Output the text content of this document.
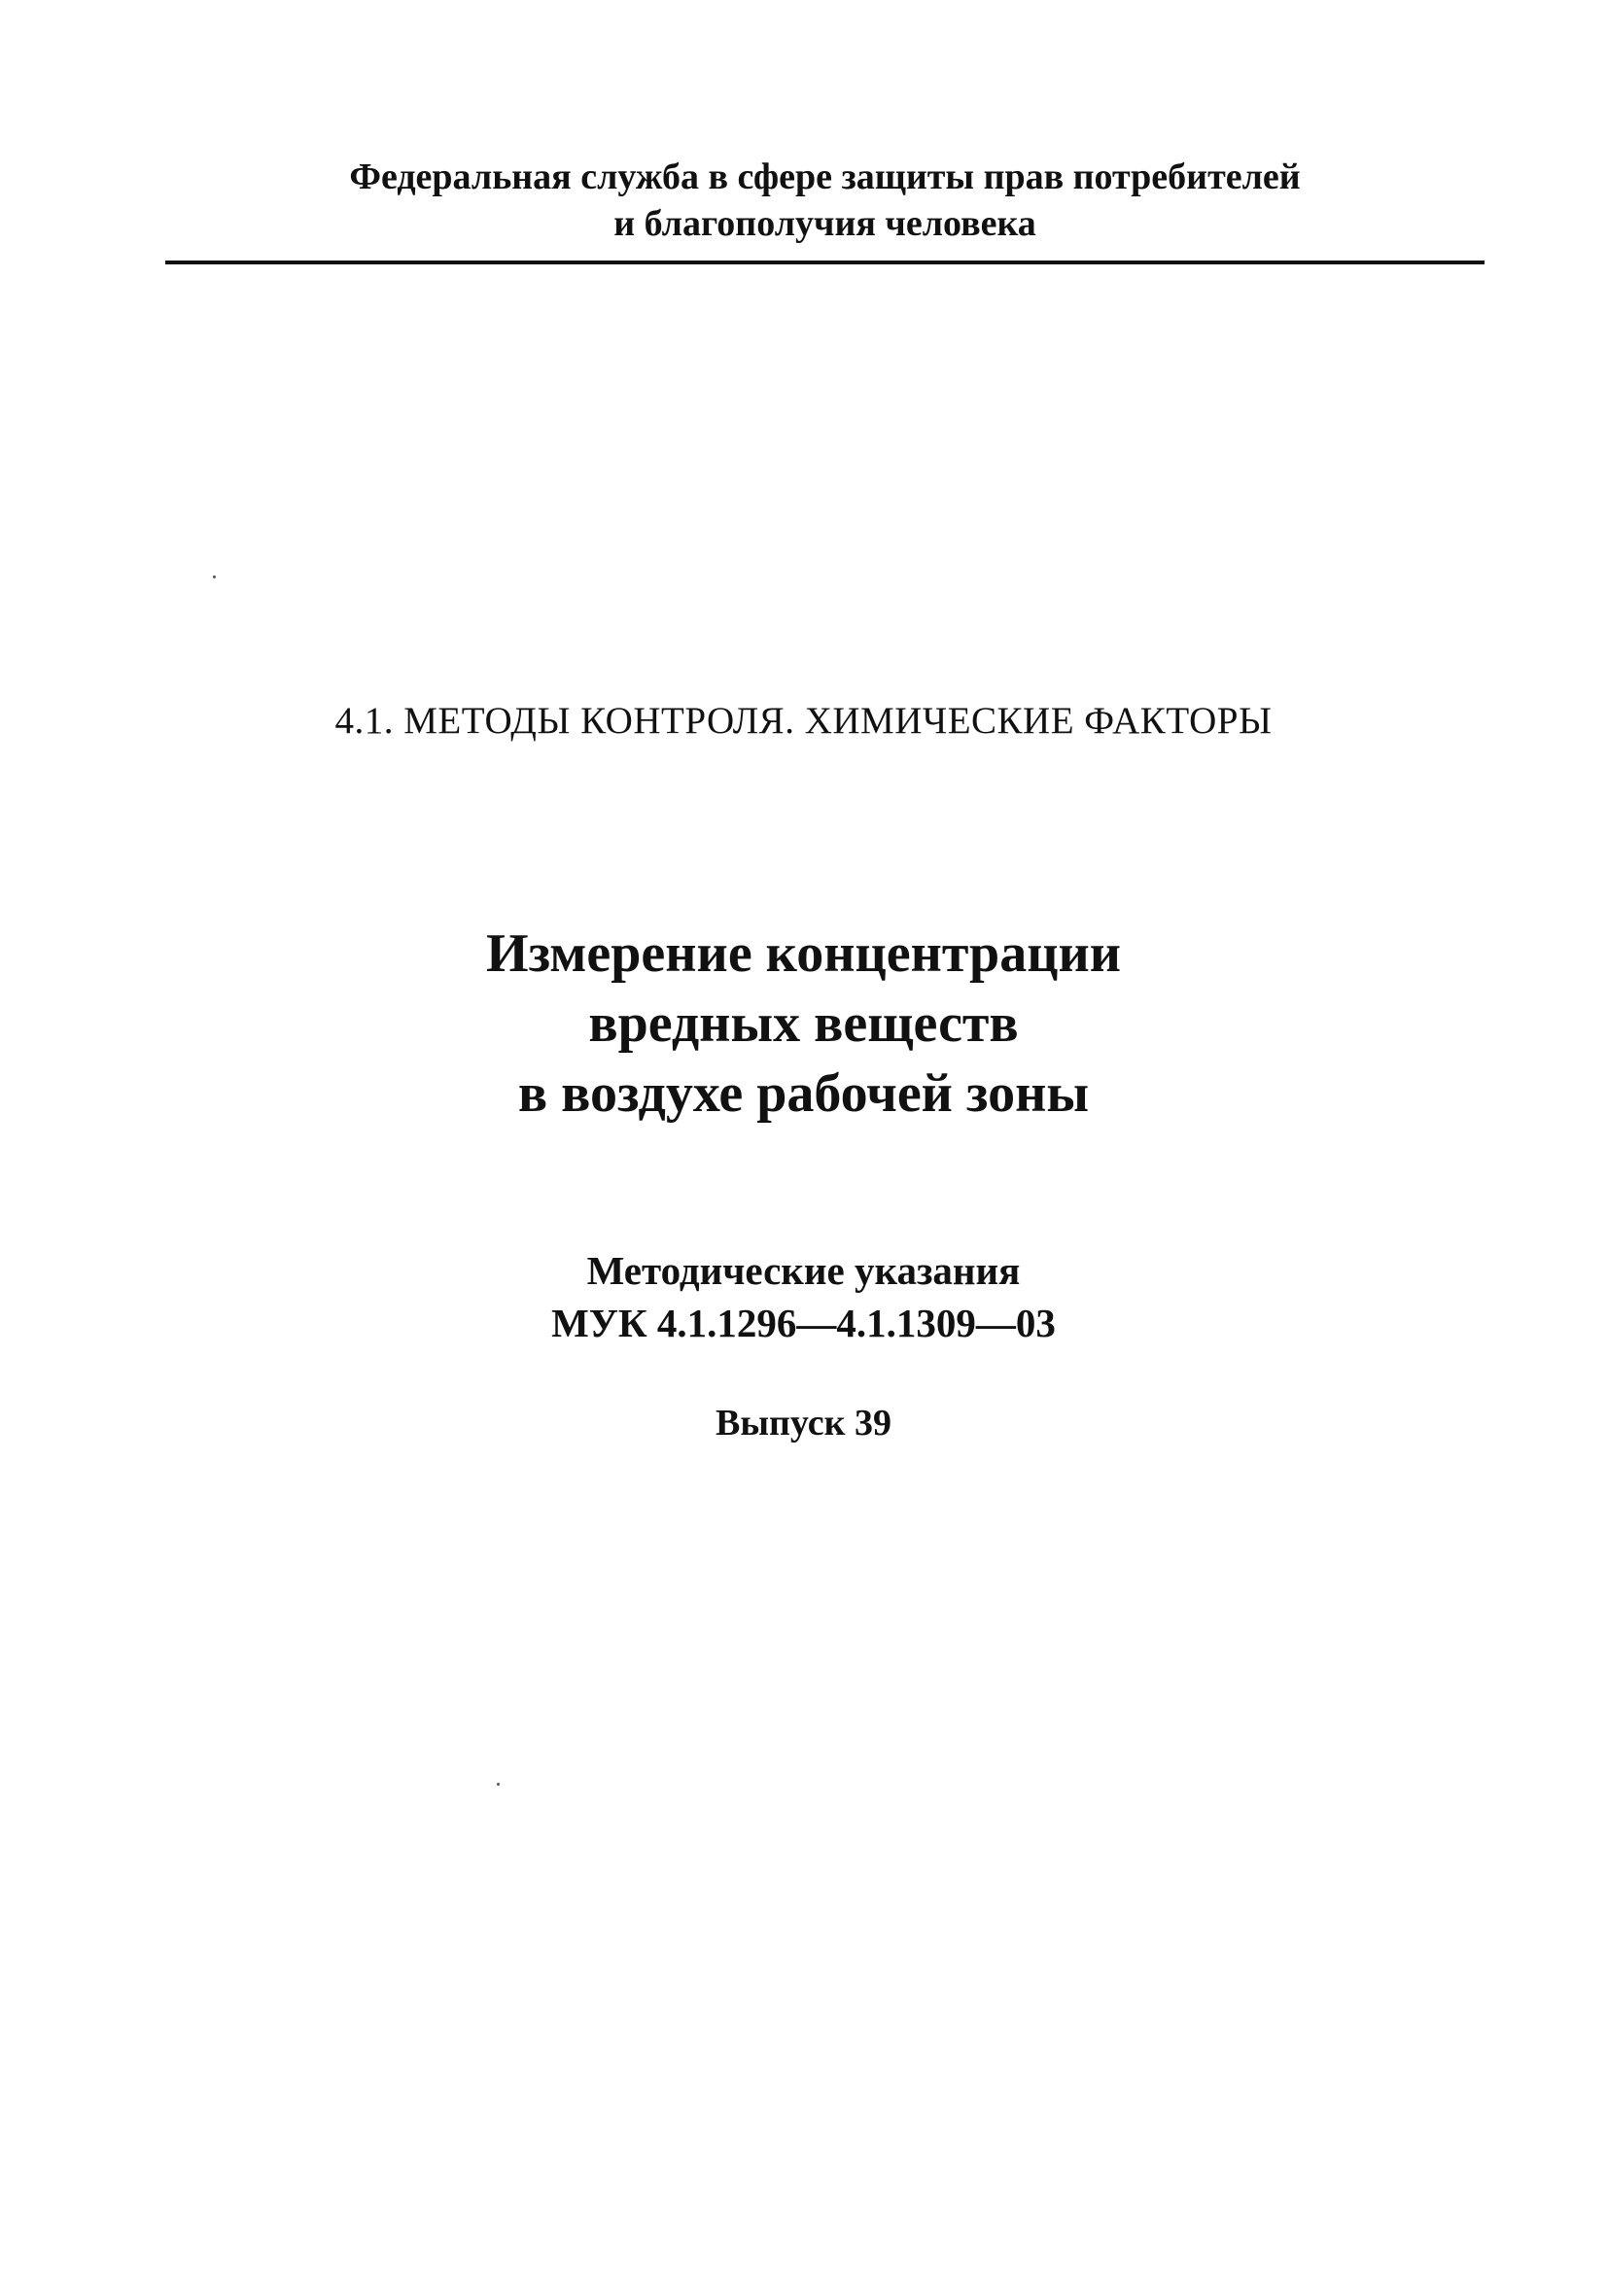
Федеральная служба в сфере защиты прав потребителей
и благополучия человека
4.1. МЕТОДЫ КОНТРОЛЯ. ХИМИЧЕСКИЕ ФАКТОРЫ
Измерение концентрации
вредных веществ
в воздухе рабочей зоны
Методические указания
МУК 4.1.1296—4.1.1309—03
Выпуск 39
